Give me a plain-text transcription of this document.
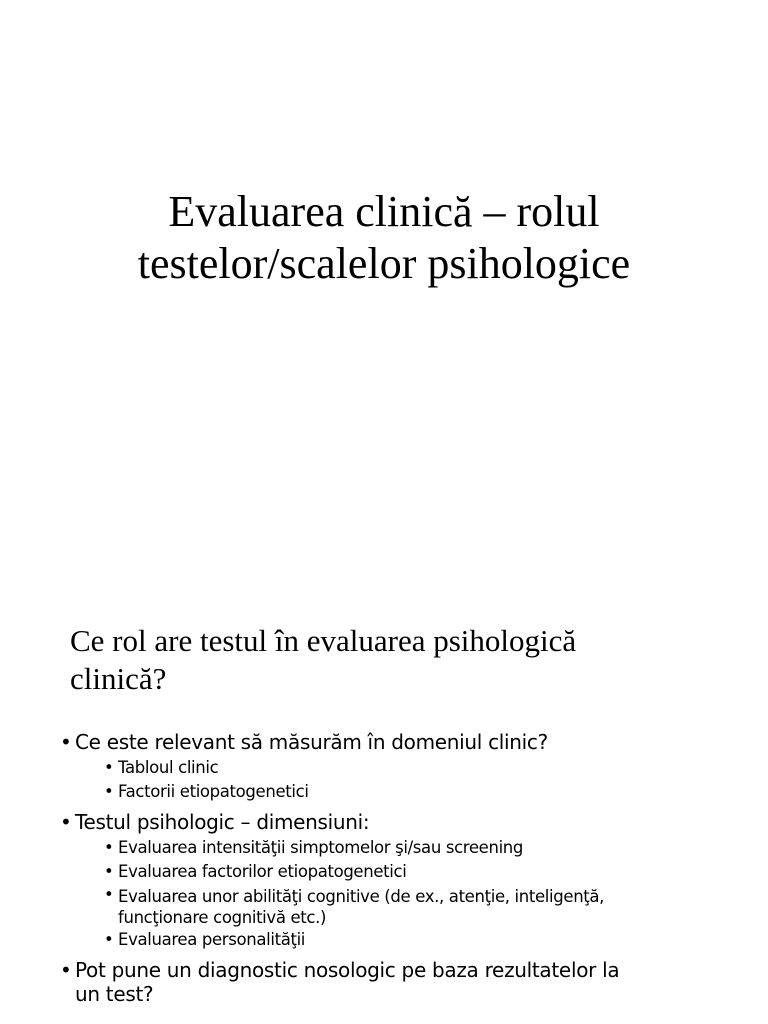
Evaluarea clinică – rolul
testelor/scalelor psihologice
Ce rol are testul în evaluarea psihologică
clinică?
• Ce este relevant să măsurăm în domeniul clinic?
• Tabloul clinic
• Factorii etiopatogenetici
• Testul psihologic – dimensiuni:
• Evaluarea intensităţii simptomelor şi/sau screening
• Evaluarea factorilor etiopatogenetici
• Evaluarea unor abilităţi cognitive (de ex., atenţie, inteligenţă,
funcţionare cognitivă etc.)
• Evaluarea personalităţii
• Pot pune un diagnostic nosologic pe baza rezultatelor la
un test?
